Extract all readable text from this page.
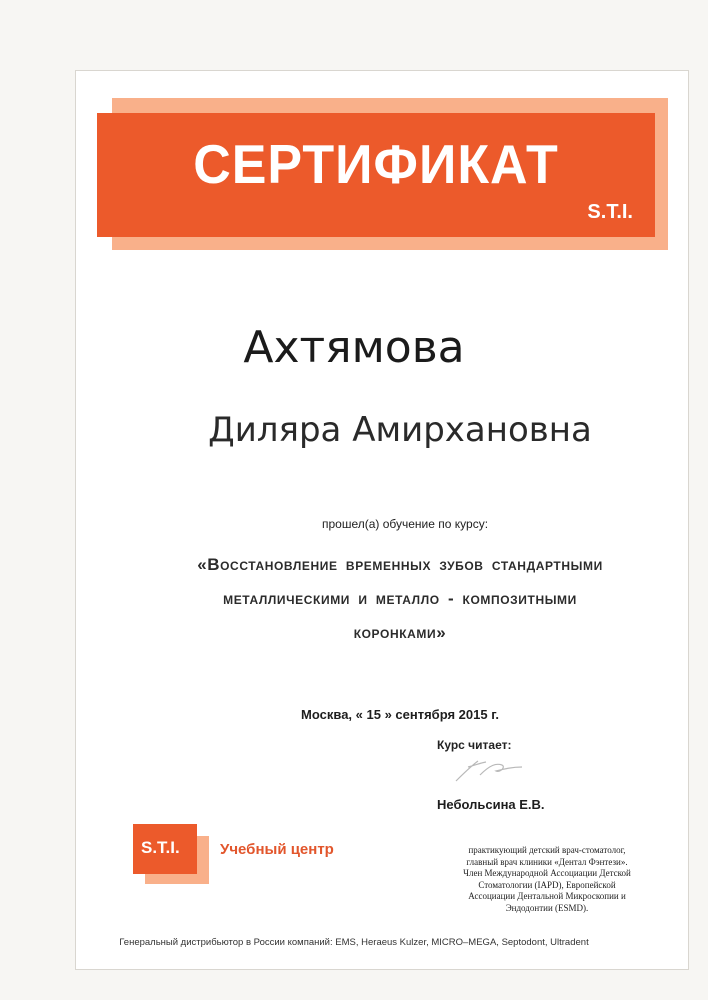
СЕРТИФИКАТ
S.T.I.
Ахтямова
Диляра Амирхановна
прошел(а) обучение по курсу:
«Восстановление временных зубов стандартными
металлическими и металло - композитными
коронками»
Москва, « 15 » сентября 2015 г.
Курс читает:
Небольсина Е.В.
практикующий детский врач-стоматолог,
главный врач клиники «Дентал Фэнтези».
Член Международной Ассоциации Детской
Стоматологии (IAPD), Европейской
Ассоциации Дентальной Микроскопии и
Эндодонтии (ESMD).
S.T.I.	Учебный центр
Генеральный дистрибьютор в России компаний: EMS, Heraeus Kulzer, MICRO–MEGA, Septodont, Ultradent
